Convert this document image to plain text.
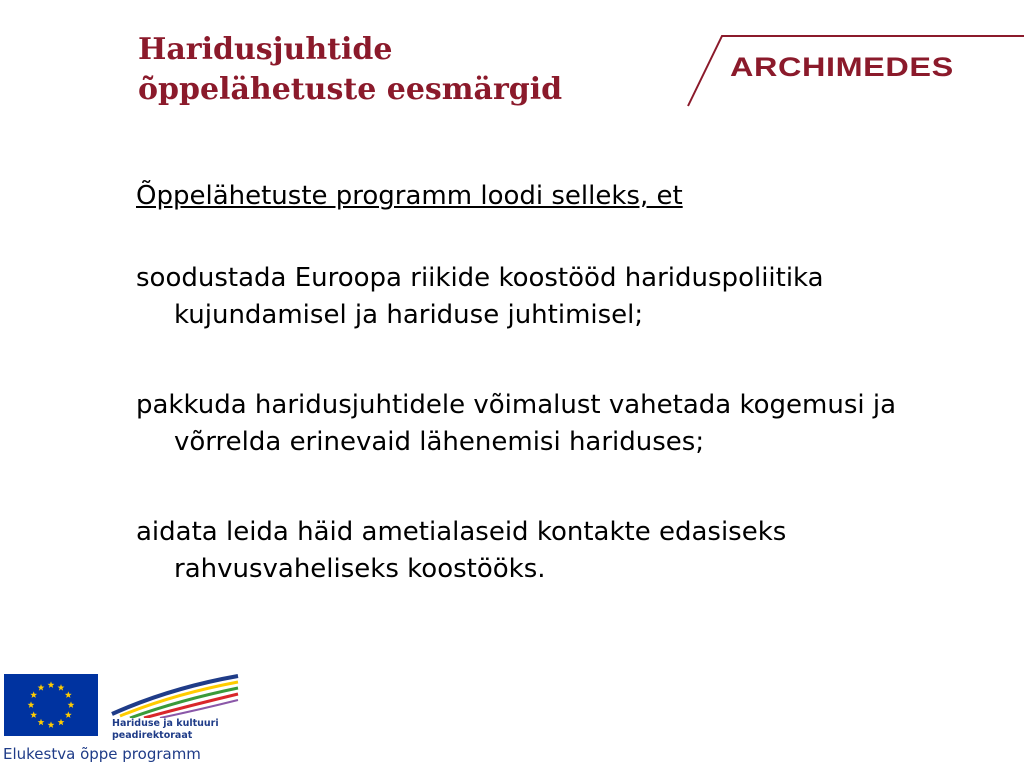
Haridusjuhtide
õppelähetuste eesmärgid
ARCHIMEDES

Õppelähetuste programm loodi selleks, et

soodustada Euroopa riikide koostööd hariduspoliitika kujundamisel ja hariduse juhtimisel;
pakkuda haridusjuhtidele võimalust vahetada kogemusi ja võrrelda erinevaid lähenemisi hariduses;
aidata leida häid ametialaseid kontakte edasiseks rahvusvaheliseks koostööks.
Hariduse ja kultuuri
peadirektoraat
Elukestva õppe programm
